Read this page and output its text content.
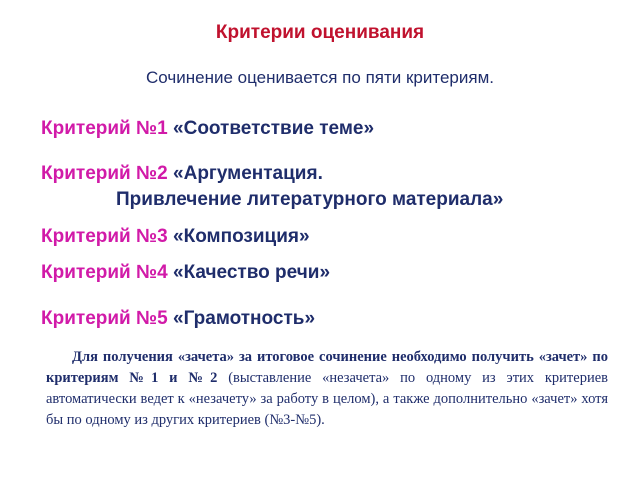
Критерии оценивания
Сочинение оценивается по пяти критериям.
Критерий №1 «Соответствие теме»
Критерий №2 «Аргументация.
Привлечение литературного материала»
Критерий №3 «Композиция»
Критерий №4 «Качество речи»
Критерий №5 «Грамотность»
Для получения «зачета» за итоговое сочинение необходимо получить «зачет» по критериям №1 и №2 (выставление «незачета» по одному из этих критериев автоматически ведет к «незачету» за работу в целом), а также дополнительно «зачет» хотя бы по одному из других критериев (№3-№5).
